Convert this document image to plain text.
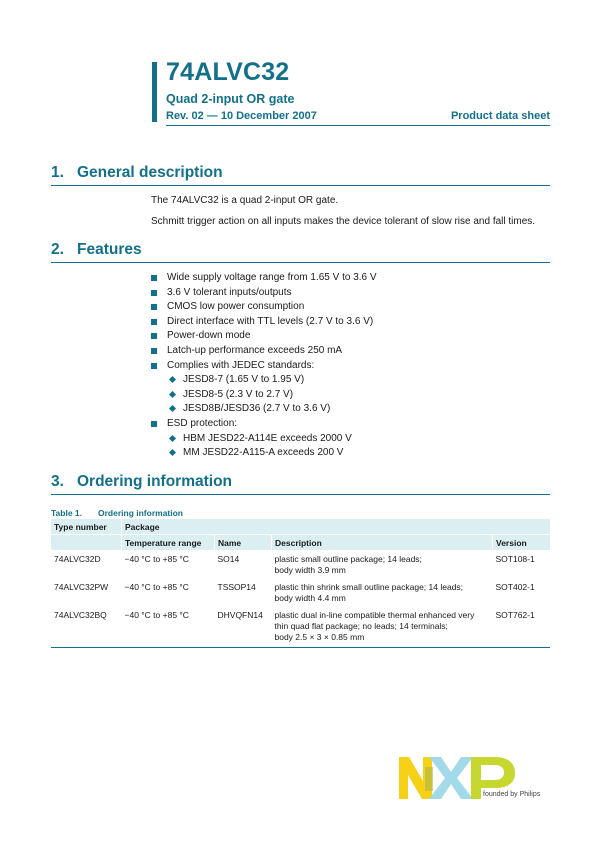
74ALVC32
Quad 2-input OR gate
Rev. 02 — 10 December 2007	Product data sheet
1. General description
The 74ALVC32 is a quad 2-input OR gate.
Schmitt trigger action on all inputs makes the device tolerant of slow rise and fall times.
2. Features
Wide supply voltage range from 1.65 V to 3.6 V
3.6 V tolerant inputs/outputs
CMOS low power consumption
Direct interface with TTL levels (2.7 V to 3.6 V)
Power-down mode
Latch-up performance exceeds 250 mA
Complies with JEDEC standards:
JESD8-7 (1.65 V to 1.95 V)
JESD8-5 (2.3 V to 2.7 V)
JESD8B/JESD36 (2.7 V to 3.6 V)
ESD protection:
HBM JESD22-A114E exceeds 2000 V
MM JESD22-A115-A exceeds 200 V
3. Ordering information
Table 1. Ordering information
Type number	Package			
	Temperature range	Name	Description	Version
74ALVC32D	−40 °C to +85 °C	SO14	plastic small outline package; 14 leads;
body width 3.9 mm	SOT108-1
74ALVC32PW	−40 °C to +85 °C	TSSOP14	plastic thin shrink small outline package; 14 leads;
body width 4.4 mm	SOT402-1
74ALVC32BQ	−40 °C to +85 °C	DHVQFN14	plastic dual in-line compatible thermal enhanced very
thin quad flat package; no leads; 14 terminals;
body 2.5 × 3 × 0.85 mm	SOT762-1
founded by Philips
